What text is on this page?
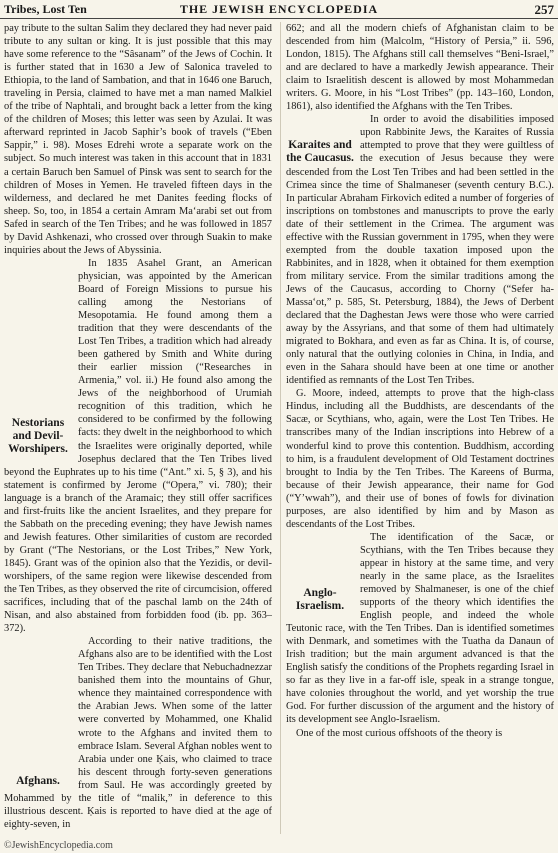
Tribes, Lost Ten	THE JEWISH ENCYCLOPEDIA	257

pay tribute to the sultan Salim they declared they had never paid tribute to any sultan or king. It is just possible that this may have some reference to the “Sâsanam” of the Jews of Cochin. It is further stated that in 1630 a Jew of Salonica traveled to Ethiopia, to the land of Sambation, and that in 1646 one Baruch, traveling in Persia, claimed to have met a man named Malkiel of the tribe of Naphtali, and brought back a letter from the king of the children of Moses; this letter was seen by Azulai. It was afterward reprinted in Jacob Saphir’s book of travels (“Eben Sappir,” i. 98). Moses Edrehi wrote a separate work on the subject. So much interest was taken in this account that in 1831 a certain Baruch ben Samuel of Pinsk was sent to search for the children of Moses in Yemen. He traveled fifteen days in the wilderness, and declared he met Danites feeding flocks of sheep. So, too, in 1854 a certain Amram Ma‘arabi set out from Safed in search of the Ten Tribes; and he was followed in 1857 by David Ashkenazi, who crossed over through Suakin to make inquiries about the Jews of Abyssinia.

Nestorians and Devil-Worshipers.

In 1835 Asahel Grant, an American physician, was appointed by the American Board of Foreign Missions to pursue his calling among the Nestorians of Mesopotamia. He found among them a tradition that they were descendants of the Lost Ten Tribes, a tradition which had already been gathered by Smith and White during their earlier mission (“Researches in Armenia,” vol. ii.) He found also among the Jews of the neighborhood of Urumiah recognition of this tradition, which he considered to be confirmed by the following facts: they dwelt in the neighborhood to which the Israelites were originally deported, while Josephus declared that the Ten Tribes lived beyond the Euphrates up to his time (“Ant.” xi. 5, § 3), and his statement is confirmed by Jerome (“Opera,” vi. 780); their language is a branch of the Aramaic; they still offer sacrifices and first-fruits like the ancient Israelites, and they prepare for the Sabbath on the preceding evening; they have Jewish names and Jewish features. Other similarities of custom are recorded by Grant (“The Nestorians, or the Lost Tribes,” New York, 1845). Grant was of the opinion also that the Yezidis, or devil-worshipers, of the same region were likewise descended from the Ten Tribes, as they observed the rite of circumcision, offered sacrifices, including that of the paschal lamb on the 24th of Nisan, and also abstained from forbidden food (ib. pp. 363–372).

Afghans.

According to their native traditions, the Afghans also are to be identified with the Lost Ten Tribes. They declare that Nebuchadnezzar banished them into the mountains of Ghur, whence they maintained correspondence with the Arabian Jews. When some of the latter were converted by Mohammed, one Khalid wrote to the Afghans and invited them to embrace Islam. Several Afghan nobles went to Arabia under one Ḳais, who claimed to trace his descent through forty-seven generations from Saul. He was accordingly greeted by Mohammed by the title of “malik,” in deference to this illustrious descent. Ḳais is reported to have died at the age of eighty-seven, in

662; and all the modern chiefs of Afghanistan claim to be descended from him (Malcolm, “History of Persia,” ii. 596, London, 1815). The Afghans still call themselves “Beni-Israel,” and are declared to have a markedly Jewish appearance. Their claim to Israelitish descent is allowed by most Mohammedan writers. G. Moore, in his “Lost Tribes” (pp. 143–160, London, 1861), also identified the Afghans with the Ten Tribes.

Karaites and the Caucasus.

In order to avoid the disabilities imposed upon Rabbinite Jews, the Karaites of Russia attempted to prove that they were guiltless of the execution of Jesus because they were descended from the Lost Ten Tribes and had been settled in the Crimea since the time of Shalmaneser (seventh century B.C.). In particular Abraham Firkovich edited a number of forgeries of inscriptions on tombstones and manuscripts to prove the early date of their settlement in the Crimea. The argument was effective with the Russian government in 1795, when they were exempted from the double taxation imposed upon the Rabbinites, and in 1828, when it obtained for them exemption from military service. From the similar traditions among the Jews of the Caucasus, according to Chorny (“Sefer ha-Massa‘ot,” p. 585, St. Petersburg, 1884), the Jews of Derbent declared that the Daghestan Jews were those who were carried away by the Assyrians, and that some of them had ultimately migrated to Bokhara, and even as far as China. It is, of course, only natural that the outlying colonies in China, in India, and even in the Sahara should have been at one time or another identified as remnants of the Lost Ten Tribes.

G. Moore, indeed, attempts to prove that the high-class Hindus, including all the Buddhists, are descendants of the Sacæ, or Scythians, who, again, were the Lost Ten Tribes. He transcribes many of the Indian inscriptions into Hebrew of a wonderful kind to prove this contention. Buddhism, according to him, is a fraudulent development of Old Testament doctrines brought to India by the Ten Tribes. The Kareens of Burma, because of their Jewish appearance, their name for God (“Y’wwah”), and their use of bones of fowls for divination purposes, are also identified by him and by Mason as descendants of the Lost Tribes.

Anglo-Israelism.

The identification of the Sacæ, or Scythians, with the Ten Tribes because they appear in history at the same time, and very nearly in the same place, as the Israelites removed by Shalmaneser, is one of the chief supports of the theory which identifies the English people, and indeed the whole Teutonic race, with the Ten Tribes. Dan is identified sometimes with Denmark, and sometimes with the Tuatha da Danaun of Irish tradition; but the main argument advanced is that the English satisfy the conditions of the Prophets regarding Israel in so far as they live in a far-off isle, speak in a strange tongue, have colonies throughout the world, and yet worship the true God. For further discussion of the argument and the history of its development see Anglo-Israelism.

One of the most curious offshoots of the theory is

©JewishEncyclopedia.com
